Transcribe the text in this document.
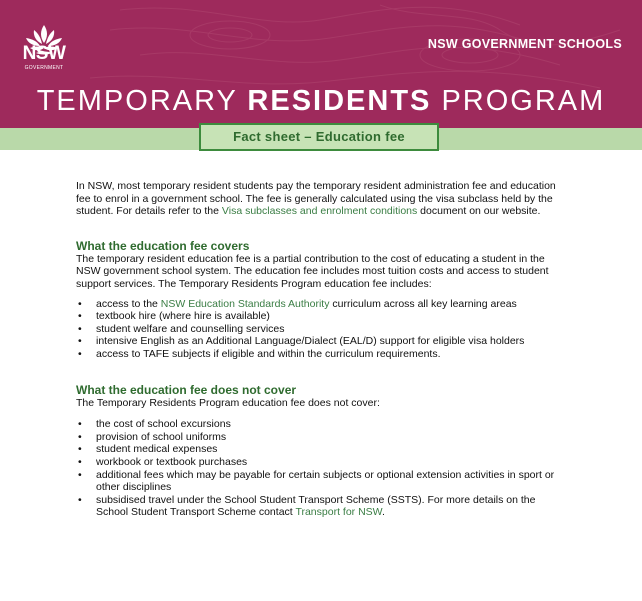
NSW
GOVERNMENT
NSW GOVERNMENT SCHOOLS
TEMPORARY RESIDENTS PROGRAM
Fact sheet – Education fee

In NSW, most temporary resident students pay the temporary resident administration fee and education fee to enrol in a government school. The fee is generally calculated using the visa subclass held by the student. For details refer to the Visa subclasses and enrolment conditions document on our website.

What the education fee covers

The temporary resident education fee is a partial contribution to the cost of educating a student in the NSW government school system. The education fee includes most tuition costs and access to student support services. The Temporary Residents Program education fee includes:

• access to the NSW Education Standards Authority curriculum across all key learning areas
• textbook hire (where hire is available)
• student welfare and counselling services
• intensive English as an Additional Language/Dialect (EAL/D) support for eligible visa holders
• access to TAFE subjects if eligible and within the curriculum requirements.
What the education fee does not cover

The Temporary Residents Program education fee does not cover:

• the cost of school excursions
• provision of school uniforms
• student medical expenses
• workbook or textbook purchases
• additional fees which may be payable for certain subjects or optional extension activities in sport or other disciplines
• subsidised travel under the School Student Transport Scheme (SSTS). For more details on the School Student Transport Scheme contact Transport for NSW.
